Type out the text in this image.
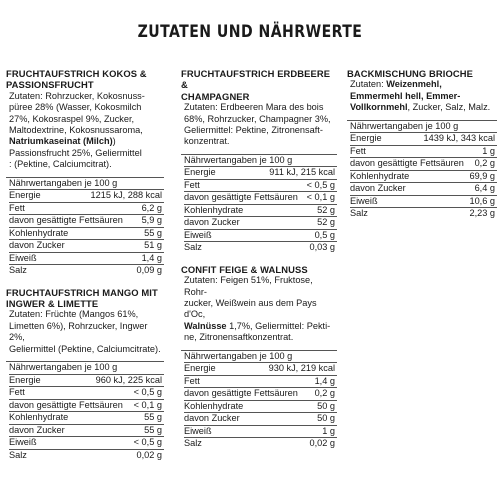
ZUTATEN UND NÄHRWERTE
FRUCHTAUFSTRICH KOKOS &
PASSIONSFRUCHT
Zutaten: Rohrzucker, Kokosnuss-
püree 28% (Wasser, Kokosmilch
27%, Kokosraspel 9%, Zucker,
Maltodextrine, Kokosnussaroma,
Natriumkaseinat (Milch))
Passionsfrucht 25%, Geliermittel
: (Pektine, Calciumcitrat).
Nährwertangaben je 100 g
Energie	1215 kJ, 288 kcal
Fett	6,2 g
davon gesättigte Fettsäuren 5,9 g
Kohlenhydrate	55 g
davon Zucker	51 g
Eiweiß	1,4 g
Salz	0,09 g
FRUCHTAUFSTRICH MANGO MIT
INGWER & LIMETTE
Zutaten: Früchte (Mangos 61%,
Limetten 6%), Rohrzucker, Ingwer 2%,
Geliermittel (Pektine, Calciumcitrate).
Nährwertangaben je 100 g
Energie	960 kJ, 225 kcal
Fett	< 0,5 g
davon gesättigte Fettsäuren < 0,1 g
Kohlenhydrate	55 g
davon Zucker	55 g
Eiweiß	< 0,5 g
Salz	0,02 g
FRUCHTAUFSTRICH ERDBEERE &
CHAMPAGNER
Zutaten: Erdbeeren Mara des bois
68%, Rohrzucker, Champagner 3%,
Geliermittel: Pektine, Zitronensaft-
konzentrat.
Nährwertangaben je 100 g
Energie	911 kJ, 215 kcal
Fett	< 0,5 g
davon gesättigte Fettsäuren < 0,1 g
Kohlenhydrate	52 g
davon Zucker	52 g
Eiweiß	0,5 g
Salz	0,03 g
CONFIT FEIGE & WALNUSS
Zutaten: Feigen 51%, Fruktose, Rohr-
zucker, Weißwein aus dem Pays d'Oc,
Walnüsse 1,7%, Geliermittel: Pekti-
ne, Zitronensaftkonzentrat.
Nährwertangaben je 100 g
Energie	930 kJ, 219 kcal
Fett	1,4 g
davon gesättigte Fettsäuren 0,2 g
Kohlenhydrate	50 g
davon Zucker	50 g
Eiweiß	1 g
Salz	0,02 g
BACKMISCHUNG BRIOCHE
Zutaten: Weizenmehl,
Emmermehl hell, Emmer-
Vollkornmehl, Zucker, Salz, Malz.
Nährwertangaben je 100 g
Energie	1439 kJ, 343 kcal
Fett	1 g
davon gesättigte Fettsäuren 0,2 g
Kohlenhydrate	69,9 g
davon Zucker	6,4 g
Eiweiß	10,6 g
Salz	2,23 g
